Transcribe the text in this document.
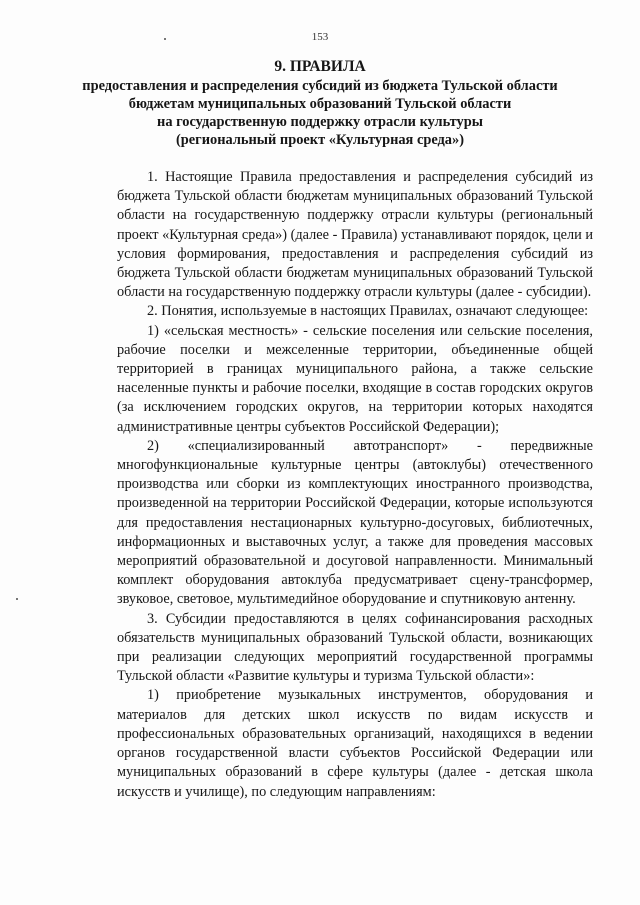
153
9. ПРАВИЛА
предоставления и распределения субсидий из бюджета Тульской области
бюджетам муниципальных образований Тульской области
на государственную поддержку отрасли культуры
(региональный проект «Культурная среда»)

1. Настоящие Правила предоставления и распределения субсидий из бюджета Тульской области бюджетам муниципальных образований Тульской области на государственную поддержку отрасли культуры (региональный проект «Культурная среда») (далее - Правила) устанавливают порядок, цели и условия формирования, предоставления и распределения субсидий из бюджета Тульской области бюджетам муниципальных образований Тульской области на государственную поддержку отрасли культуры (далее - субсидии).

2. Понятия, используемые в настоящих Правилах, означают следующее:

1) «сельская местность» - сельские поселения или сельские поселения, рабочие поселки и межселенные территории, объединенные общей территорией в границах муниципального района, а также сельские населенные пункты и рабочие поселки, входящие в состав городских округов (за исключением городских округов, на территории которых находятся административные центры субъектов Российской Федерации);

2) «специализированный автотранспорт» - передвижные многофункциональные культурные центры (автоклубы) отечественного производства или сборки из комплектующих иностранного производства, произведенной на территории Российской Федерации, которые используются для предоставления нестационарных культурно-досуговых, библиотечных, информационных и выставочных услуг, а также для проведения массовых мероприятий образовательной и досуговой направленности. Минимальный комплект оборудования автоклуба предусматривает сцену-трансформер, звуковое, световое, мультимедийное оборудование и спутниковую антенну.

3. Субсидии предоставляются в целях софинансирования расходных обязательств муниципальных образований Тульской области, возникающих при реализации следующих мероприятий государственной программы Тульской области «Развитие культуры и туризма Тульской области»:

1) приобретение музыкальных инструментов, оборудования и материалов для детских школ искусств по видам искусств и профессиональных образовательных организаций, находящихся в ведении органов государственной власти субъектов Российской Федерации или муниципальных образований в сфере культуры (далее - детская школа искусств и училище), по следующим направлениям:
